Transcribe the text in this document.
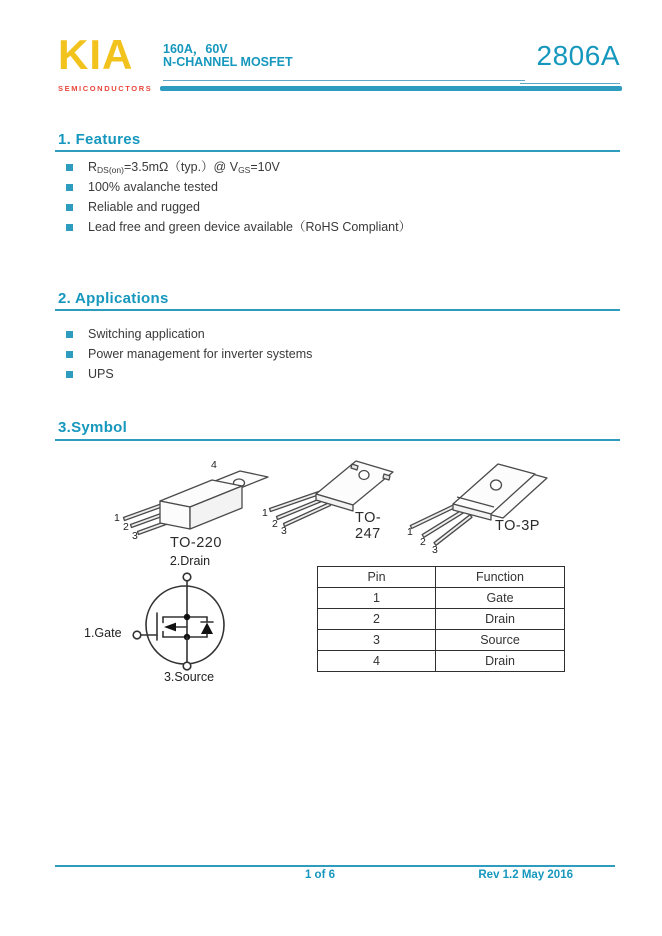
KIA
SEMICONDUCTORS
160A，60V
N-CHANNEL MOSFET	2806A
1. Features
$R_{DS(on)}=3.5m\Omega(typ.)@$ $V_{GS}=10V$
100% avalanche tested
Reliable and rugged
Lead free and green device available（RoHS Compliant）
2. Applications
Switching application
Power management for inverter systems
UPS
3.Symbol
1
2
3
4
TO-220
1
2
3
TO-247	1
2
3
TO-3P
2.Drain
1.Gate
3.Source
Pin	Function
1	Gate
2	Drain
3	Source
4	Drain
1 of 6	Rev 1.2 May 2016
